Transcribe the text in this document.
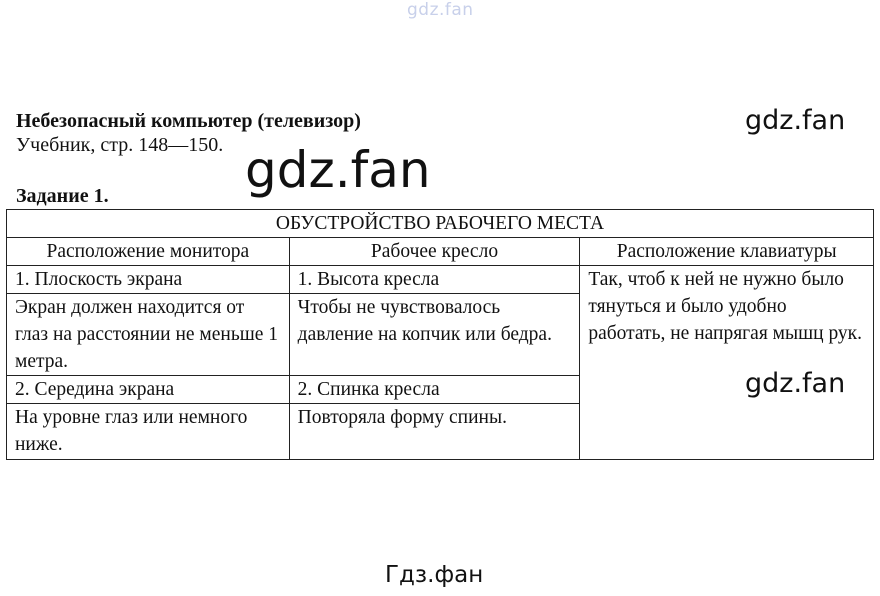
gdz.fan
Небезопасный компьютер (телевизор)
Учебник, стр. 148—150.
Задание 1.
ОБУСТРОЙСТВО РАБОЧЕГО МЕСТА		
Расположение монитора	Рабочее кресло	Расположение клавиатуры
1. Плоскость экрана	1. Высота кресла	Так, чтоб к ней не нужно было тянуться и было удобно работать, не напрягая мышц рук.
Экран должен находится от глаз на расстоянии не меньше 1 метра.	Чтобы не чувствовалось давление на копчик или бедра.	
2. Середина экрана	2. Спинка кресла	
На уровне глаз или немного ниже.	Повторяла форму спины.	
gdz.fan
gdz.fan
gdz.fan
Гдз.фан
